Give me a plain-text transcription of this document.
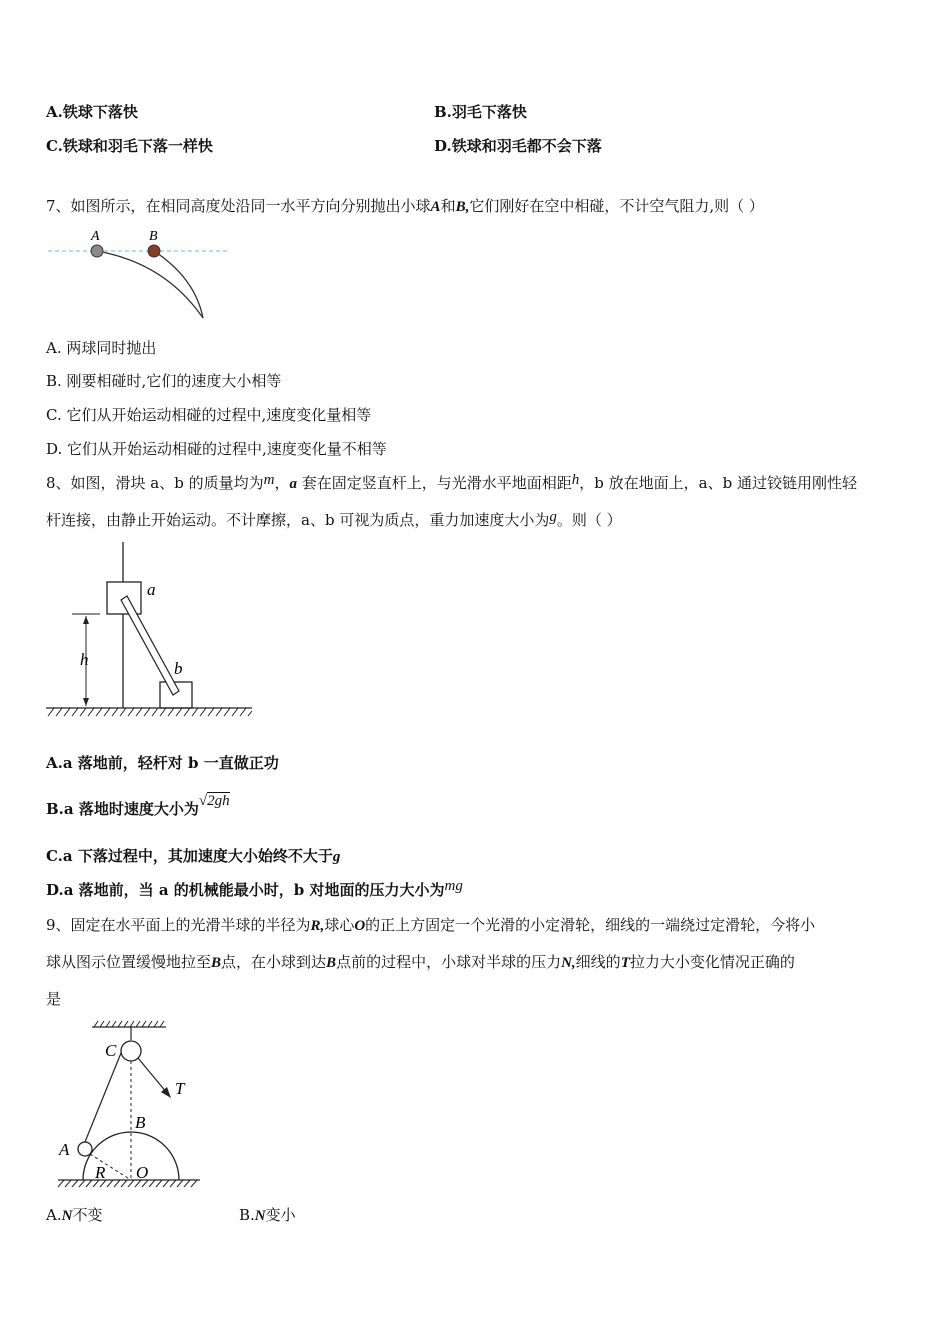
A.铁球下落快	B.羽毛下落快
C.铁球和羽毛下落一样快	D.铁球和羽毛都不会下落
7、如图所示，在相同高度处沿同一水平方向分别抛出小球A和B,它们刚好在空中相碰，不计空气阻力,则（ ）
A	B
A. 两球同时抛出
B. 刚要相碰时,它们的速度大小相等
C. 它们从开始运动相碰的过程中,速度变化量相等
D. 它们从开始运动相碰的过程中,速度变化量不相等
8、如图，滑块 a、b 的质量均为m，a 套在固定竖直杆上，与光滑水平地面相距h，b 放在地面上，a、b 通过铰链用刚性轻
杆连接，由静止开始运动。不计摩擦，a、b 可视为质点，重力加速度大小为g。则（ ）
h
a
b
A.a 落地前，轻杆对 b 一直做正功
B.a 落地时速度大小为√2gh
C.a 下落过程中，其加速度大小始终不大于g
D.a 落地前，当 a 的机械能最小时，b 对地面的压力大小为mg
9、固定在水平面上的光滑半球的半径为R,球心O的正上方固定一个光滑的小定滑轮，细线的一端绕过定滑轮，今将小
球从图示位置缓慢地拉至B点，在小球到达B点前的过程中，小球对半球的压力N,细线的T拉力大小变化情况正确的
是
C
T
B
A
R O
A.N不变	B.N变小
